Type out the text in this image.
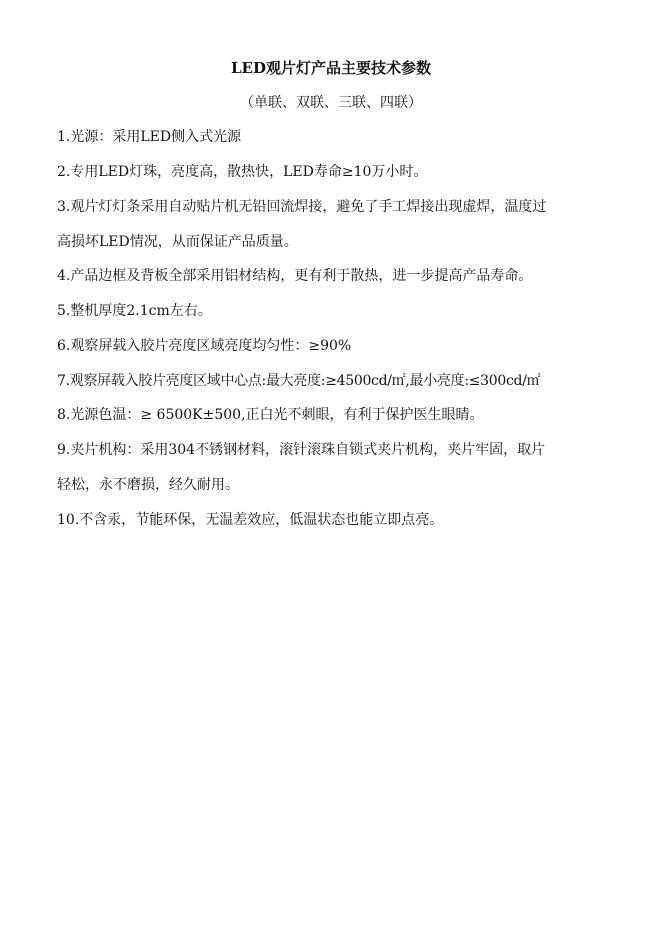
LED观片灯产品主要技术参数
（单联、双联、三联、四联）
1.光源：采用LED侧入式光源
2.专用LED灯珠，亮度高，散热快，LED寿命≥10万小时。
3.观片灯灯条采用自动贴片机无铅回流焊接，避免了手工焊接出现虚焊，温度过
高损坏LED情况，从而保证产品质量。
4.产品边框及背板全部采用铝材结构，更有利于散热，进一步提高产品寿命。
5.整机厚度2.1cm左右。
6.观察屏载入胶片亮度区域亮度均匀性：≥90%
7.观察屏载入胶片亮度区域中心点:最大亮度:≥4500cd/㎡,最小亮度:≤300cd/㎡
8.光源色温：≥ 6500K±500,正白光不刺眼，有利于保护医生眼睛。
9.夹片机构：采用304不锈钢材料，滚针滚珠自锁式夹片机构，夹片牢固，取片
轻松，永不磨损，经久耐用。
10.不含汞，节能环保，无温差效应，低温状态也能立即点亮。
